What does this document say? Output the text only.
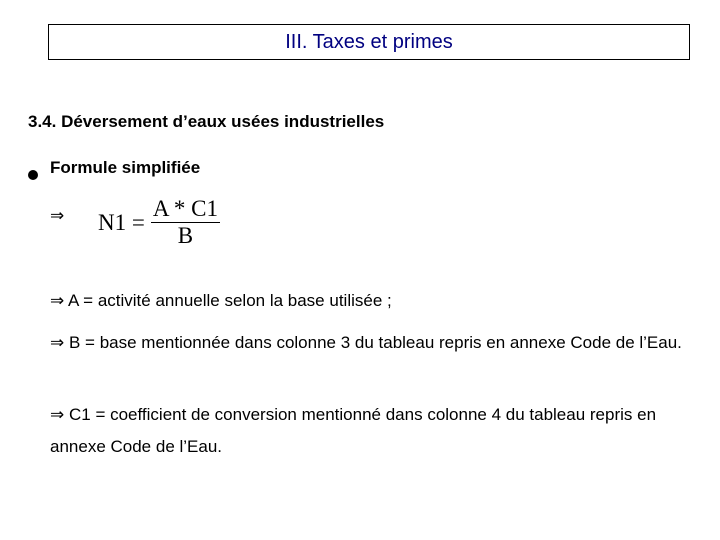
III. Taxes et primes
3.4. Déversement d’eaux usées industrielles
Formule simplifiée
⇒ $N1 = \frac{A * C1}{B}$
⇒ A = activité annuelle selon la base utilisée ;
⇒ B = base mentionnée dans colonne 3 du tableau repris en annexe Code de l’Eau.
⇒ C1 = coefficient de conversion mentionné dans colonne 4 du tableau repris en annexe Code de l’Eau.
